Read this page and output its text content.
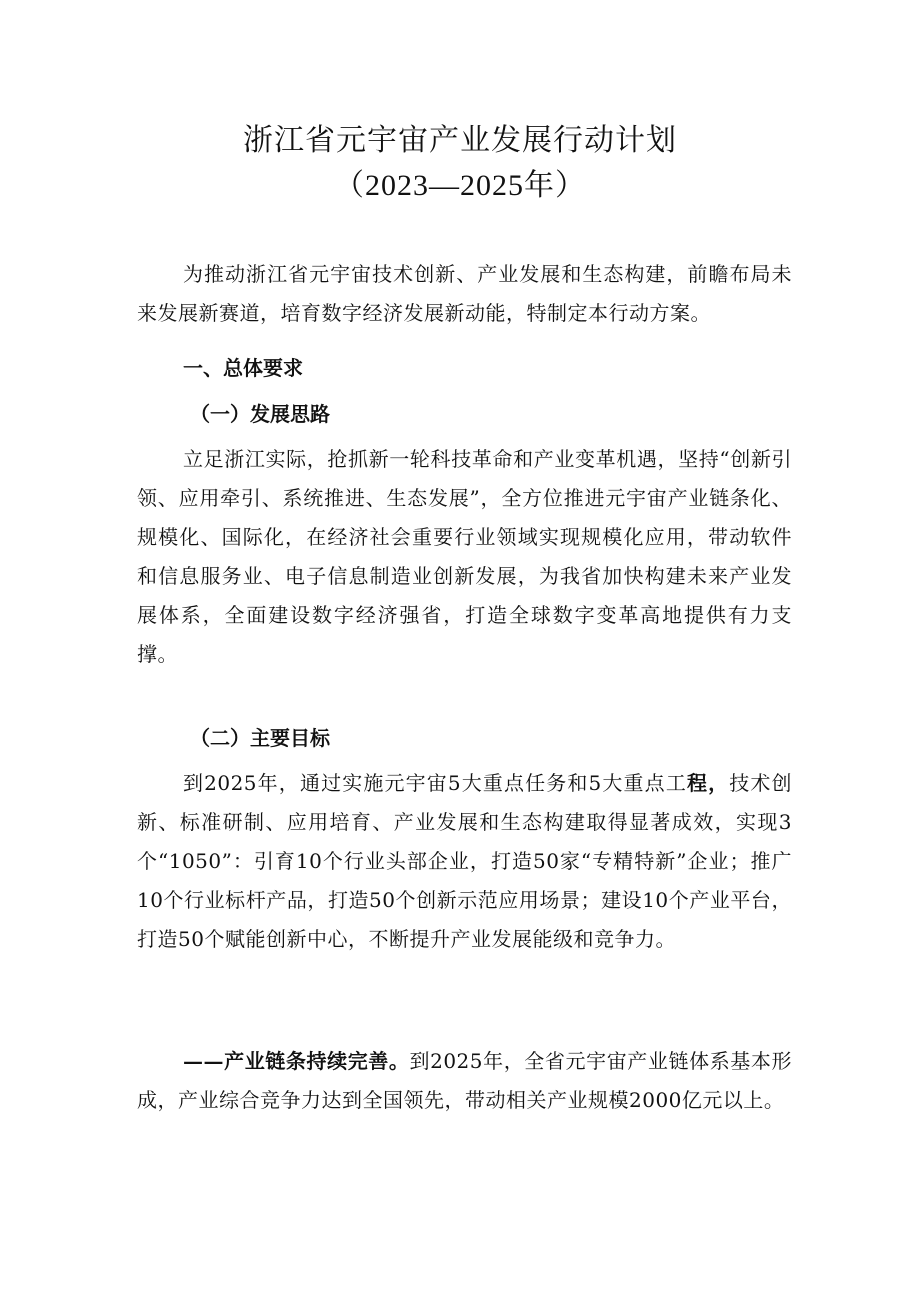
浙江省元宇宙产业发展行动计划
（2023—2025年）

为推动浙江省元宇宙技术创新、产业发展和生态构建，前瞻布局未来发展新赛道，培育数字经济发展新动能，特制定本行动方案。

一、总体要求
（一）发展思路

立足浙江实际，抢抓新一轮科技革命和产业变革机遇，坚持“创新引领、应用牵引、系统推进、生态发展”，全方位推进元宇宙产业链条化、规模化、国际化，在经济社会重要行业领域实现规模化应用，带动软件和信息服务业、电子信息制造业创新发展，为我省加快构建未来产业发展体系，全面建设数字经济强省，打造全球数字变革高地提供有力支撑。

（二）主要目标

到2025年，通过实施元宇宙5大重点任务和5大重点工程，技术创新、标准研制、应用培育、产业发展和生态构建取得显著成效，实现3个“1050”：引育10个行业头部企业，打造50家“专精特新”企业；推广10个行业标杆产品，打造50个创新示范应用场景；建设10个产业平台，打造50个赋能创新中心，不断提升产业发展能级和竞争力。

——产业链条持续完善。到2025年，全省元宇宙产业链体系基本形成，产业综合竞争力达到全国领先，带动相关产业规模2000亿元以上。
